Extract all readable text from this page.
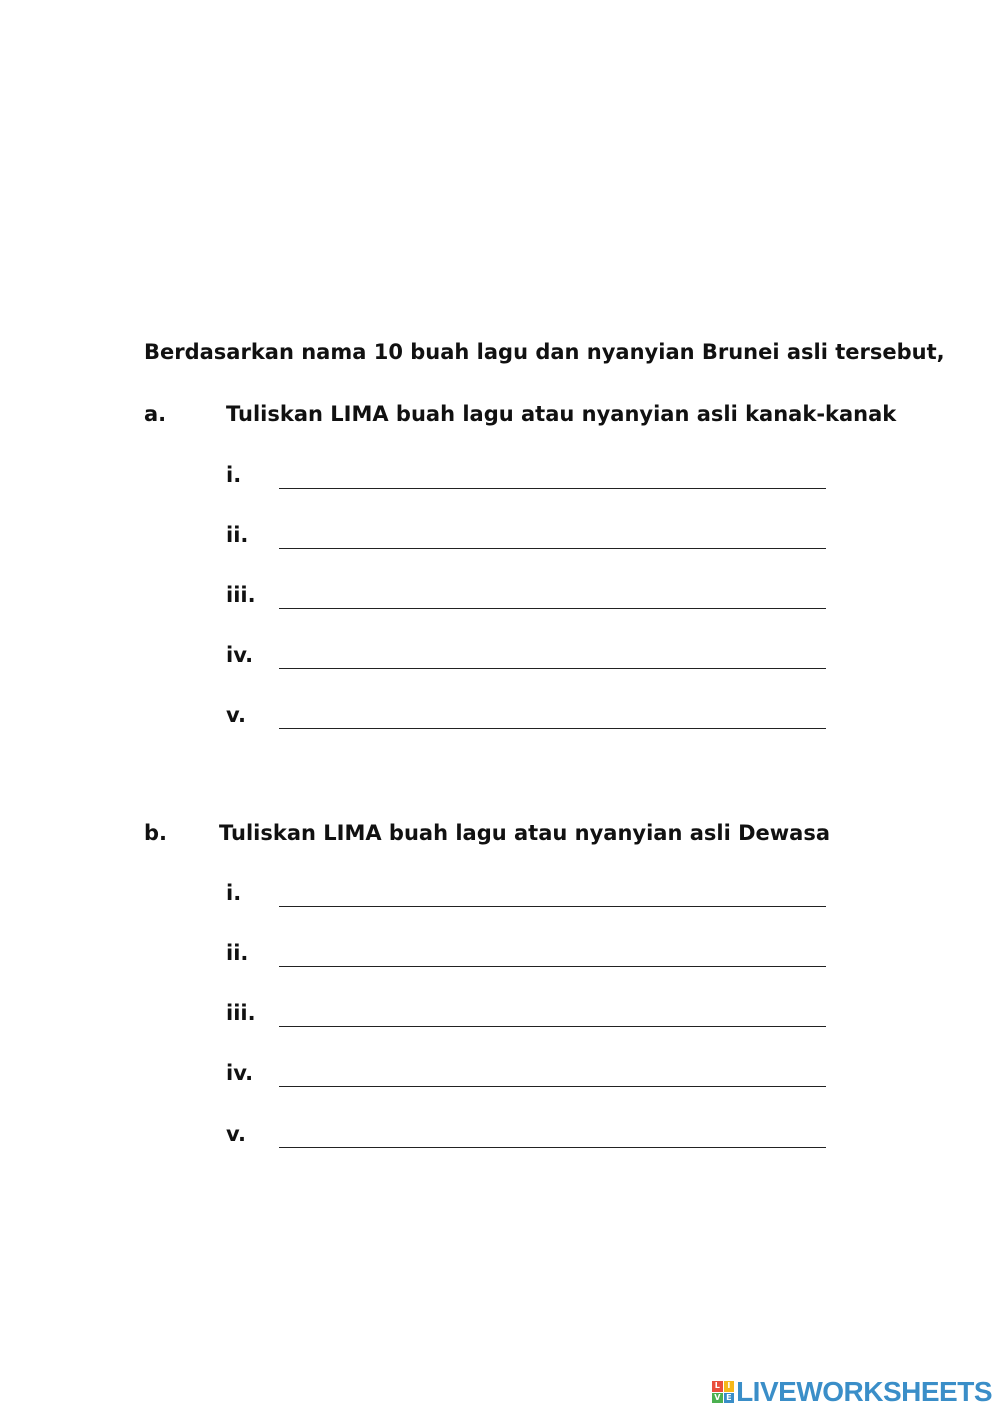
Berdasarkan nama 10 buah lagu dan nyanyian Brunei asli tersebut,
a.	Tuliskan LIMA buah lagu atau nyanyian asli kanak-kanak
i.
ii.
iii.
iv.
v.
b. Tuliskan LIMA buah lagu atau nyanyian asli Dewasa
i.
ii.
iii.
iv.
v.
L I
V E LIVEWORKSHEETS
